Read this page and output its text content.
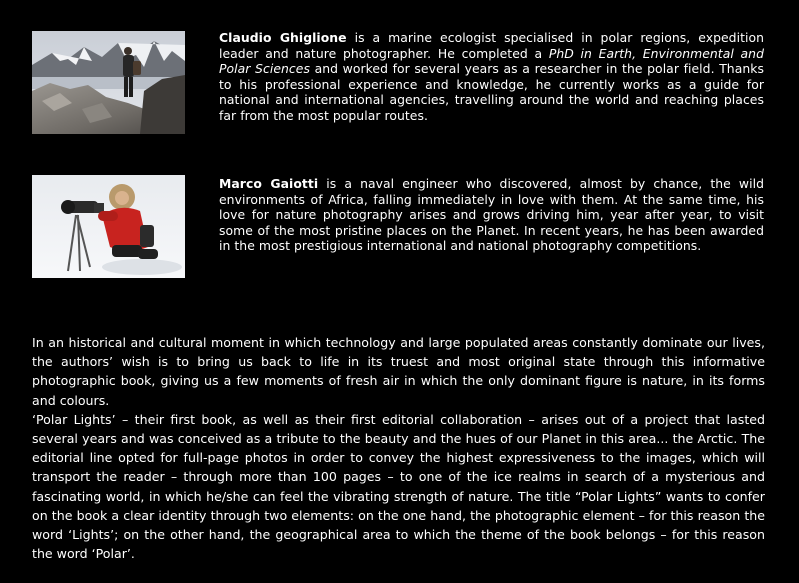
Claudio Ghiglione is a marine ecologist specialised in polar regions, expedition leader and nature photographer. He completed a PhD in Earth, Environmental and Polar Sciences and worked for several years as a researcher in the polar field. Thanks to his professional experience and knowledge, he currently works as a guide for national and international agencies, travelling around the world and reaching places far from the most popular routes.
Marco Gaiotti is a naval engineer who discovered, almost by chance, the wild environments of Africa, falling immediately in love with them. At the same time, his love for nature photography arises and grows driving him, year after year, to visit some of the most pristine places on the Planet. In recent years, he has been awarded in the most prestigious international and national photography competitions.

In an historical and cultural moment in which technology and large populated areas constantly dominate our lives, the authors’ wish is to bring us back to life in its truest and most original state through this informative photographic book, giving us a few moments of fresh air in which the only dominant figure is nature, in its forms and colours.

‘Polar Lights’ – their first book, as well as their first editorial collaboration – arises out of a project that lasted several years and was conceived as a tribute to the beauty and the hues of our Planet in this area... the Arctic. The editorial line opted for full-page photos in order to convey the highest expressiveness to the images, which will transport the reader – through more than 100 pages – to one of the ice realms in search of a mysterious and fascinating world, in which he/she can feel the vibrating strength of nature. The title “Polar Lights” wants to confer on the book a clear identity through two elements: on the one hand, the photographic element – for this reason the word ‘Lights’; on the other hand, the geographical area to which the theme of the book belongs – for this reason the word ‘Polar’.
